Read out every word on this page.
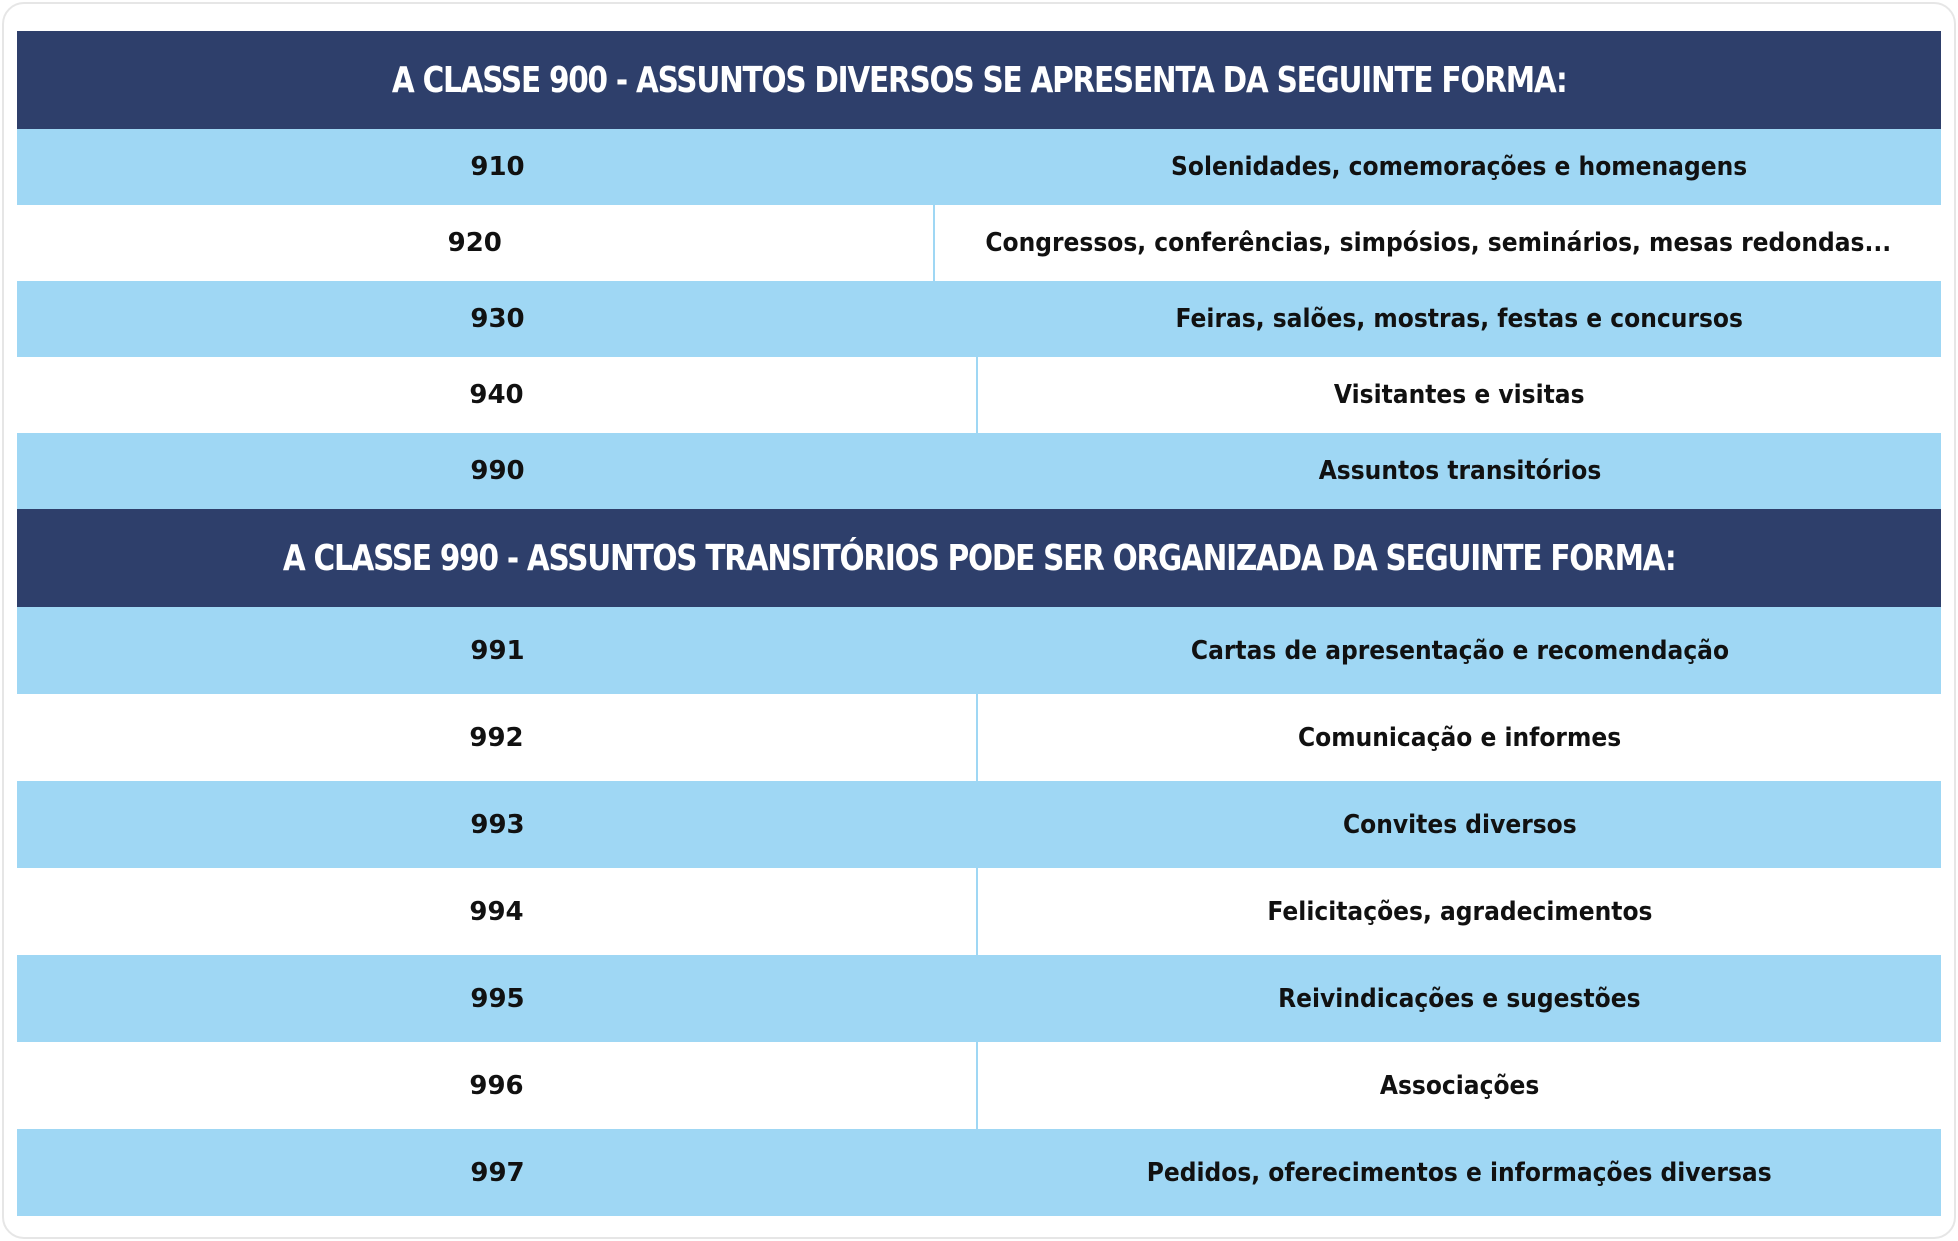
A CLASSE 900 - ASSUNTOS DIVERSOS SE APRESENTA DA SEGUINTE FORMA:
910	Solenidades, comemorações e homenagens
920	Congressos, conferências, simpósios, seminários, mesas redondas...
930	Feiras, salões, mostras, festas e concursos
940	Visitantes e visitas
990	Assuntos transitórios
A CLASSE 990 - ASSUNTOS TRANSITÓRIOS PODE SER ORGANIZADA DA SEGUINTE FORMA:
991	Cartas de apresentação e recomendação
992	Comunicação e informes
993	Convites diversos
994	Felicitações, agradecimentos
995	Reivindicações e sugestões
996	Associações
997	Pedidos, oferecimentos e informações diversas
